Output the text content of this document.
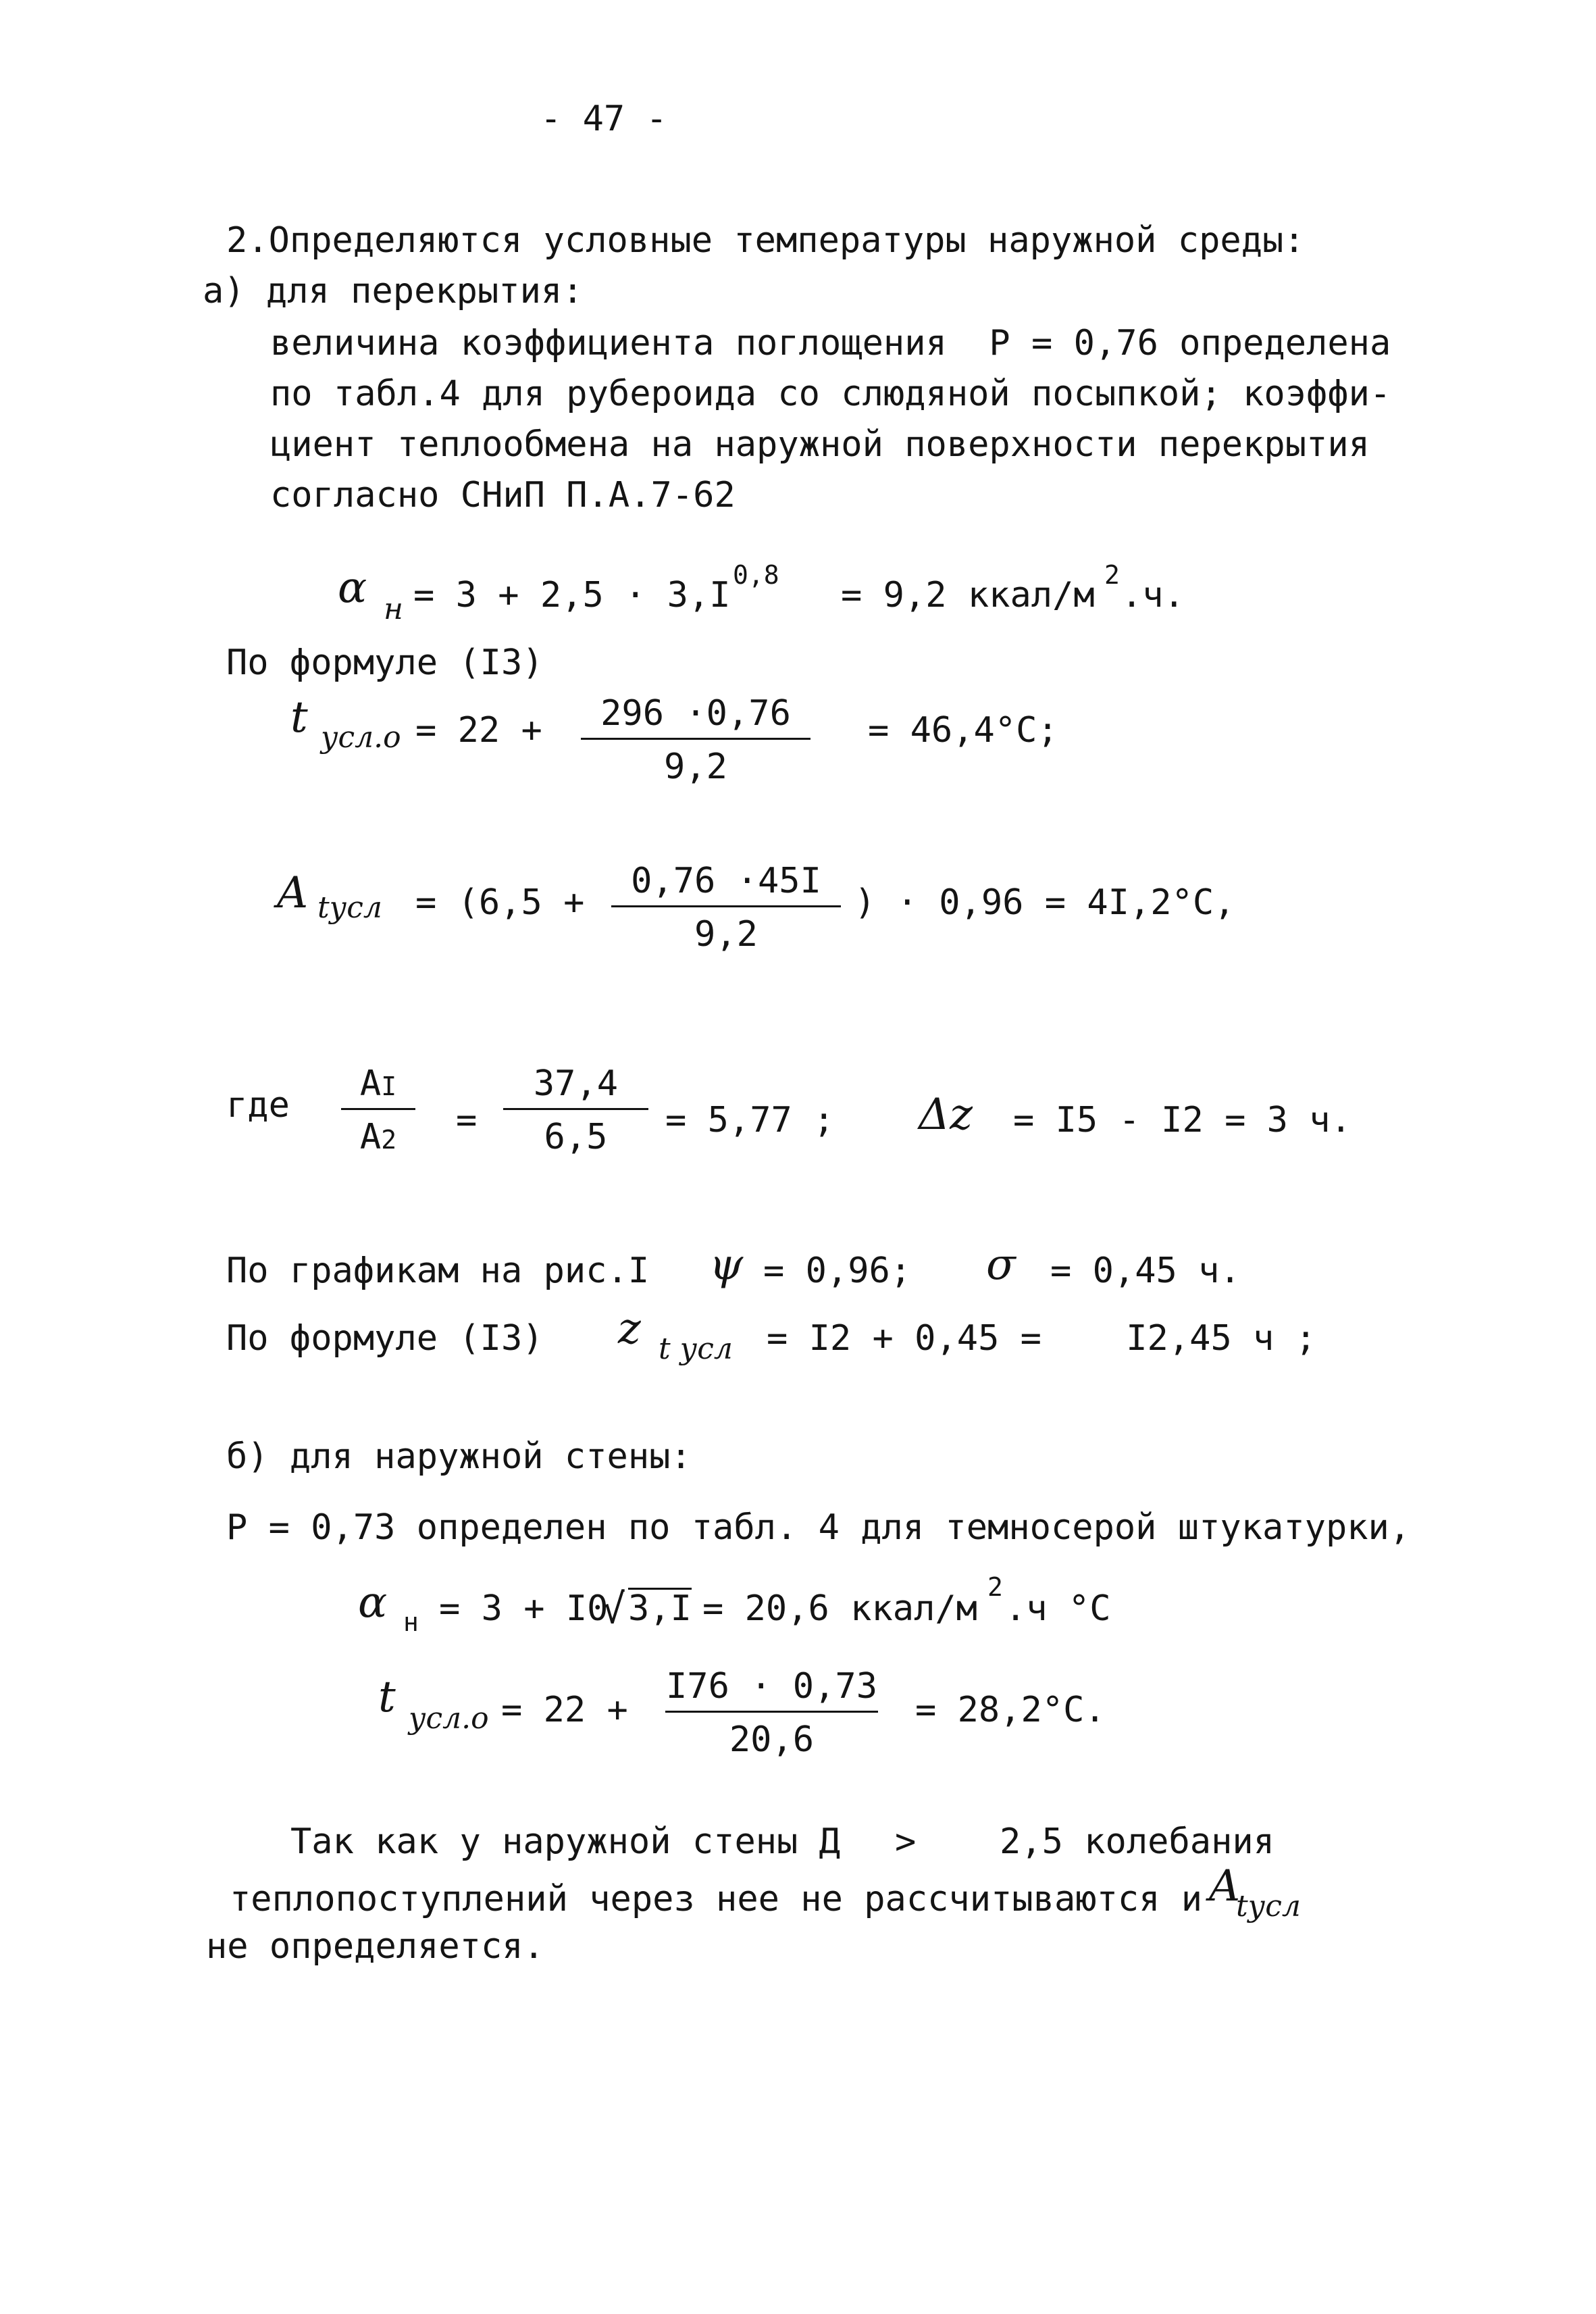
- 47 -
2.Определяются условные температуры наружной среды:
а) для перекрытия:
величина коэффициента поглощения  Р = 0,76 определена
по табл.4 для рубероида со слюдяной посыпкой; коэффи-
циент теплообмена на наружной поверхности перекрытия
согласно СНиП П.А.7-62
α н = 3 + 2,5 · 3,I 0,8 = 9,2 ккал/м 2 .ч.
По формуле (I3)
t усл.о = 22 +	296 ·0,76
9,2
= 46,4°С;
A tусл = (6,5 +
0,76 ·45I
9,2
) · 0,96 = 4I,2°С,
где
AI
A2	=
37,4
6,5	= 5,77 ; Δz = I5 - I2 = 3 ч.
По графикам на рис.I ψ = 0,96; σ = 0,45 ч.
По формуле (I3) z t усл = I2 + 0,45 =    I2,45 ч ;
б) для наружной стены:
Р = 0,73 определен по табл. 4 для темносерой штукатурки,
α н = 3 + I0
√ 3,I = 20,6 ккал/м
2
.ч °С
t усл.о = 22 +
I76 · 0,73
20,6
= 28,2°С.
Так как у наружной стены Д > 2,5 колебания
теплопоступлений через нее не рассчитываются и A
tусл
не определяется.
